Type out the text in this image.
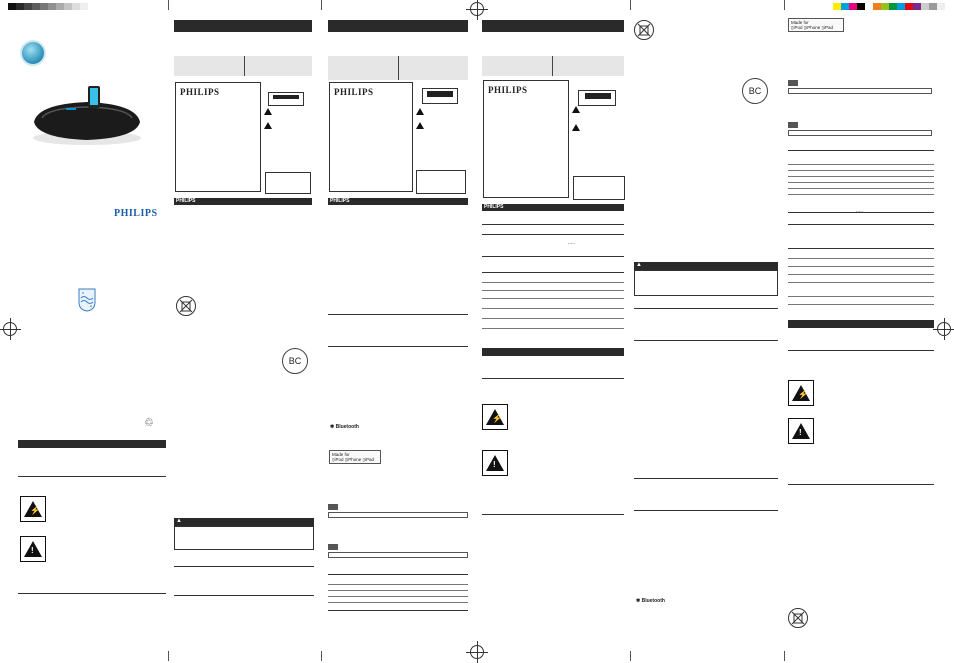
PHILIPS
♲
⚡
!
PHILIPS
PHILIPS
BC
▲
PHILIPS
PHILIPS
✱ Bluetooth
Made for
▯iPod ▯iPhone ▯iPad
PHILIPS
PHILIPS
.....
⚡
!
BC
▲
✱ Bluetooth
Made for
▯iPod ▯iPhone ▯iPad
.....
⚡
!
